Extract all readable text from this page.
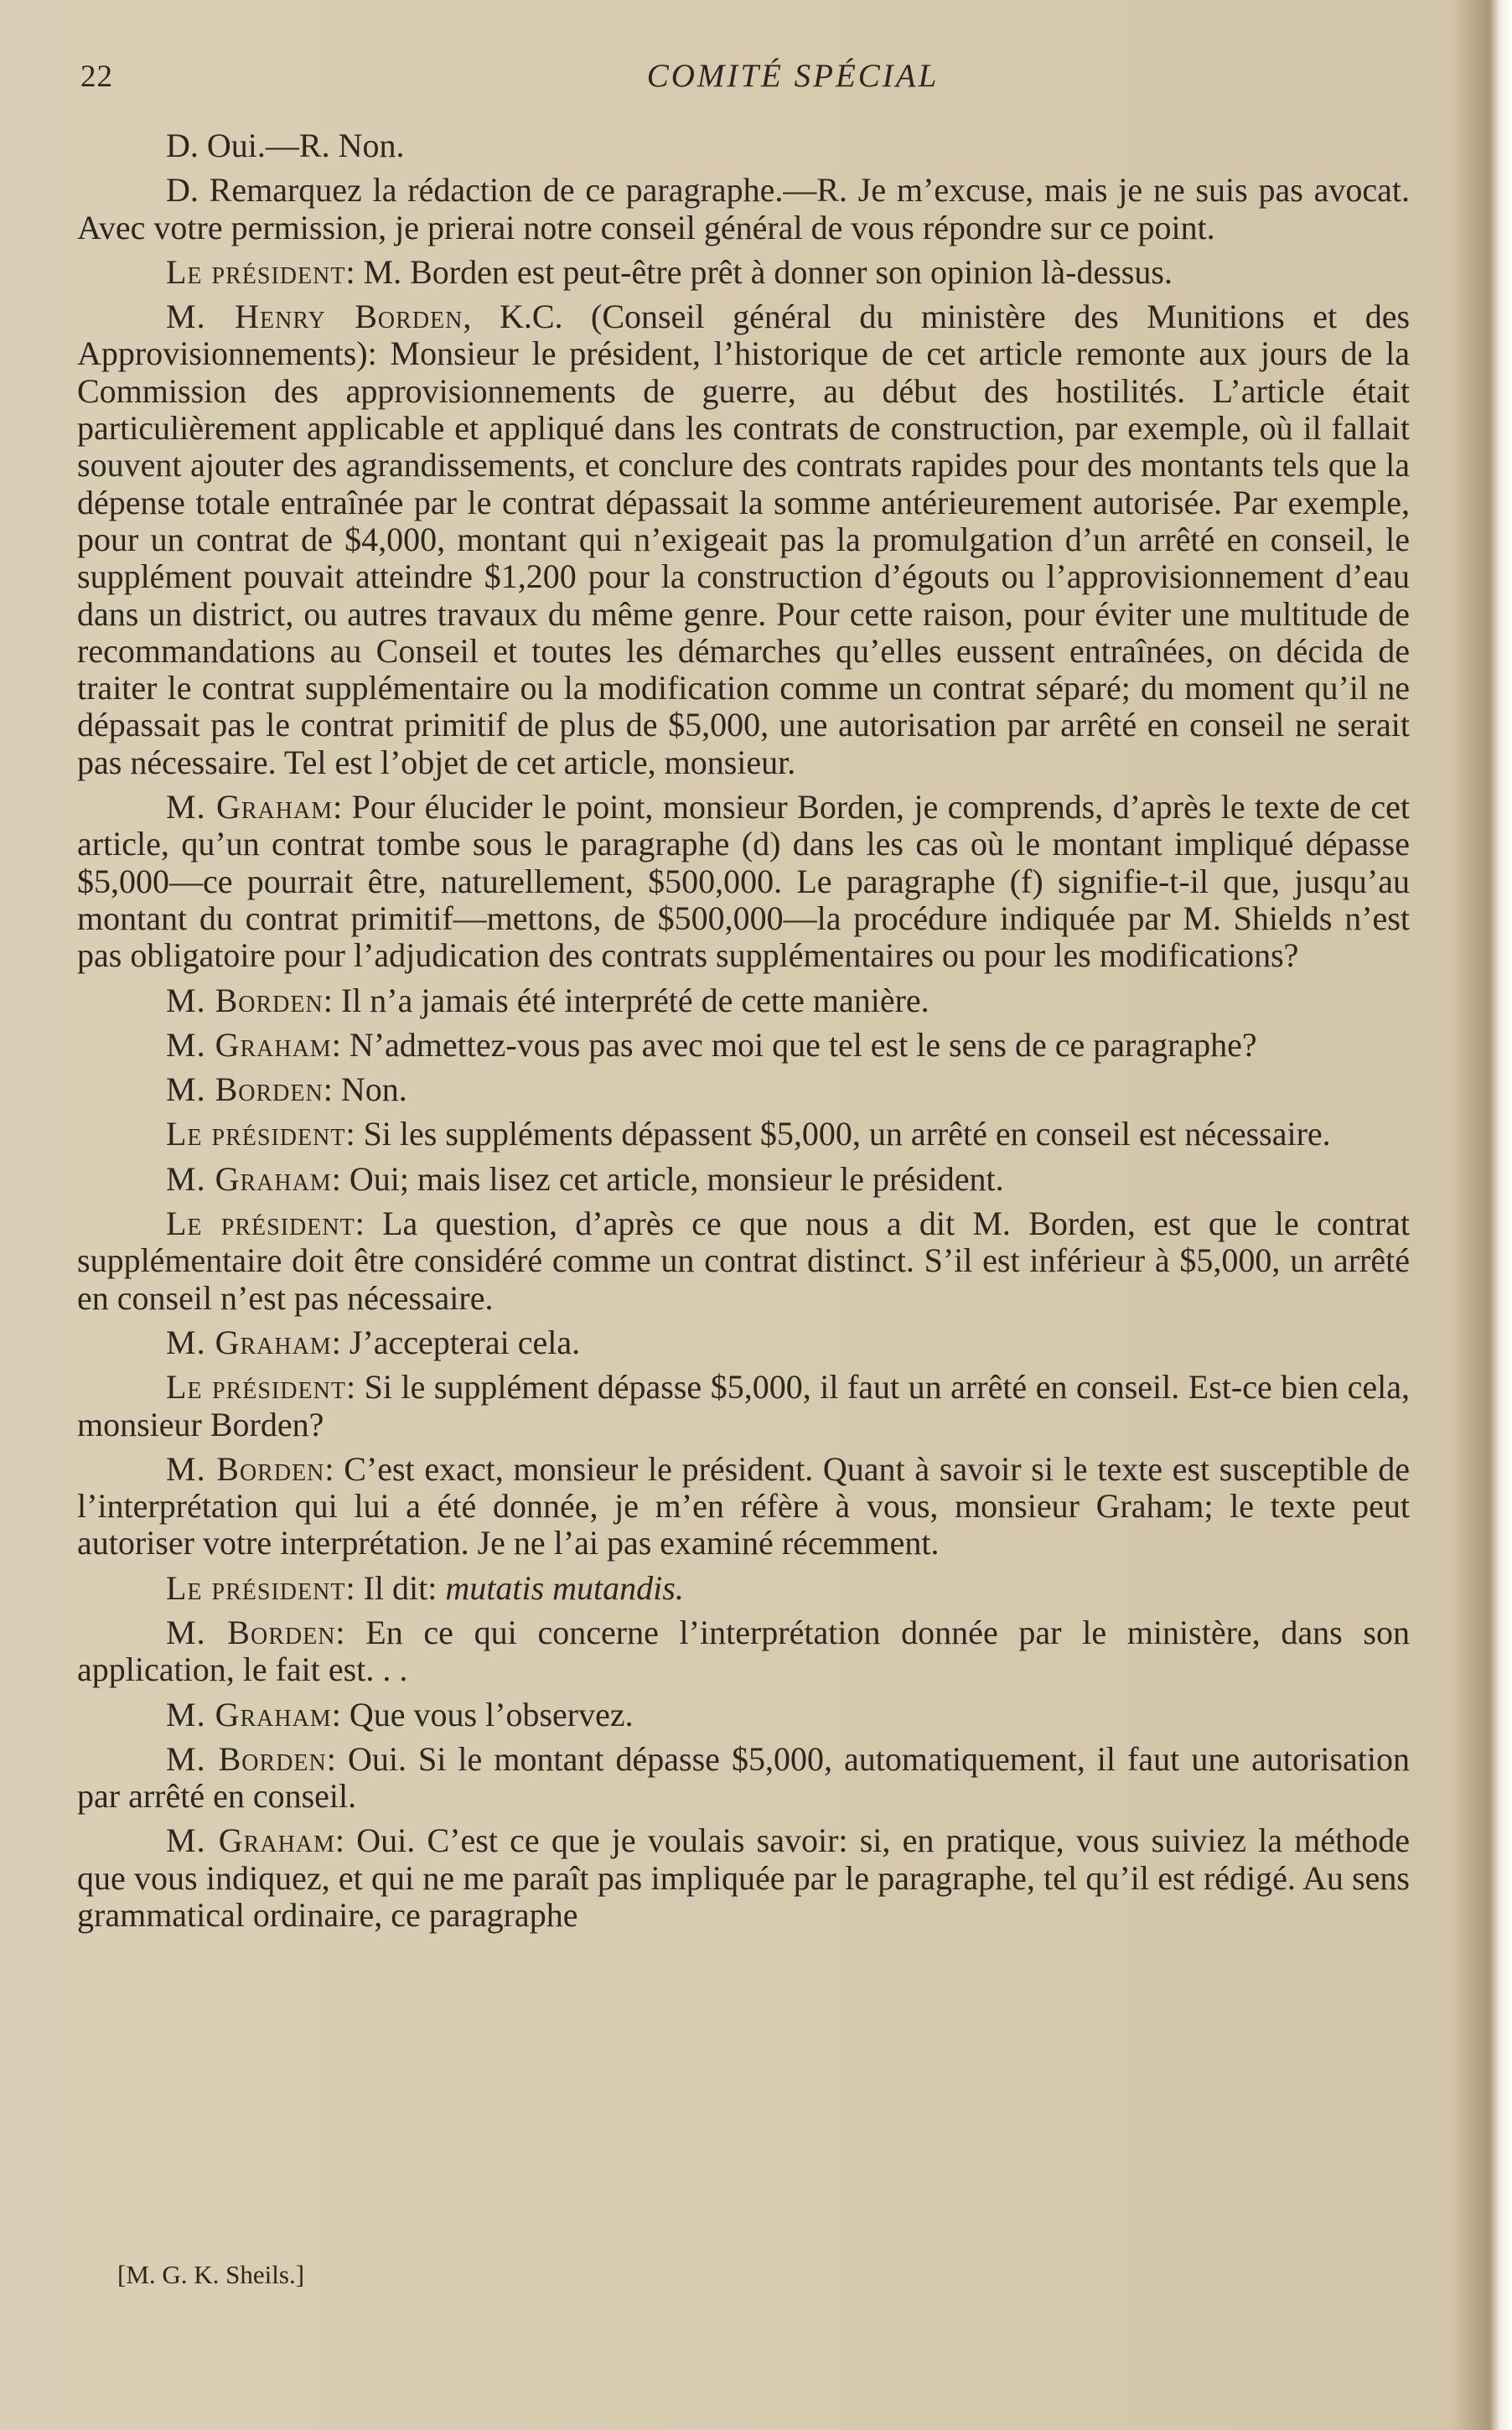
22	COMITÉ SPÉCIAL

D. Oui.—R. Non.

D. Remarquez la rédaction de ce paragraphe.—R. Je m’excuse, mais je ne suis pas avocat. Avec votre permission, je prierai notre conseil général de vous répondre sur ce point.

Le président: M. Borden est peut-être prêt à donner son opinion là-dessus.

M. Henry Borden, K.C. (Conseil général du ministère des Munitions et des Approvisionnements): Monsieur le président, l’historique de cet article remonte aux jours de la Commission des approvisionnements de guerre, au début des hostilités. L’article était particulièrement applicable et appliqué dans les contrats de construction, par exemple, où il fallait souvent ajouter des agrandissements, et conclure des contrats rapides pour des montants tels que la dépense totale entraînée par le contrat dépassait la somme antérieurement autorisée. Par exemple, pour un contrat de $4,000, montant qui n’exigeait pas la promulgation d’un arrêté en conseil, le supplément pouvait atteindre $1,200 pour la construction d’égouts ou l’approvisionnement d’eau dans un district, ou autres travaux du même genre. Pour cette raison, pour éviter une multitude de recommandations au Conseil et toutes les démarches qu’elles eussent entraînées, on décida de traiter le contrat supplémentaire ou la modification comme un contrat séparé; du moment qu’il ne dépassait pas le contrat primitif de plus de $5,000, une autorisation par arrêté en conseil ne serait pas nécessaire. Tel est l’objet de cet article, monsieur.

M. Graham: Pour élucider le point, monsieur Borden, je comprends, d’après le texte de cet article, qu’un contrat tombe sous le paragraphe (d) dans les cas où le montant impliqué dépasse $5,000—ce pourrait être, naturellement, $500,000. Le paragraphe (f) signifie-t-il que, jusqu’au montant du contrat primitif—mettons, de $500,000—la procédure indiquée par M. Shields n’est pas obligatoire pour l’adjudication des contrats supplémentaires ou pour les modifications?

M. Borden: Il n’a jamais été interprété de cette manière.

M. Graham: N’admettez-vous pas avec moi que tel est le sens de ce paragraphe?

M. Borden: Non.

Le président: Si les suppléments dépassent $5,000, un arrêté en conseil est nécessaire.

M. Graham: Oui; mais lisez cet article, monsieur le président.

Le président: La question, d’après ce que nous a dit M. Borden, est que le contrat supplémentaire doit être considéré comme un contrat distinct. S’il est inférieur à $5,000, un arrêté en conseil n’est pas nécessaire.

M. Graham: J’accepterai cela.

Le président: Si le supplément dépasse $5,000, il faut un arrêté en conseil. Est-ce bien cela, monsieur Borden?

M. Borden: C’est exact, monsieur le président. Quant à savoir si le texte est susceptible de l’interprétation qui lui a été donnée, je m’en réfère à vous, monsieur Graham; le texte peut autoriser votre interprétation. Je ne l’ai pas examiné récemment.

Le président: Il dit: mutatis mutandis.

M. Borden: En ce qui concerne l’interprétation donnée par le ministère, dans son application, le fait est. . .

M. Graham: Que vous l’observez.

M. Borden: Oui. Si le montant dépasse $5,000, automatiquement, il faut une autorisation par arrêté en conseil.

M. Graham: Oui. C’est ce que je voulais savoir: si, en pratique, vous suiviez la méthode que vous indiquez, et qui ne me paraît pas impliquée par le paragraphe, tel qu’il est rédigé. Au sens grammatical ordinaire, ce paragraphe

[M. G. K. Sheils.]
